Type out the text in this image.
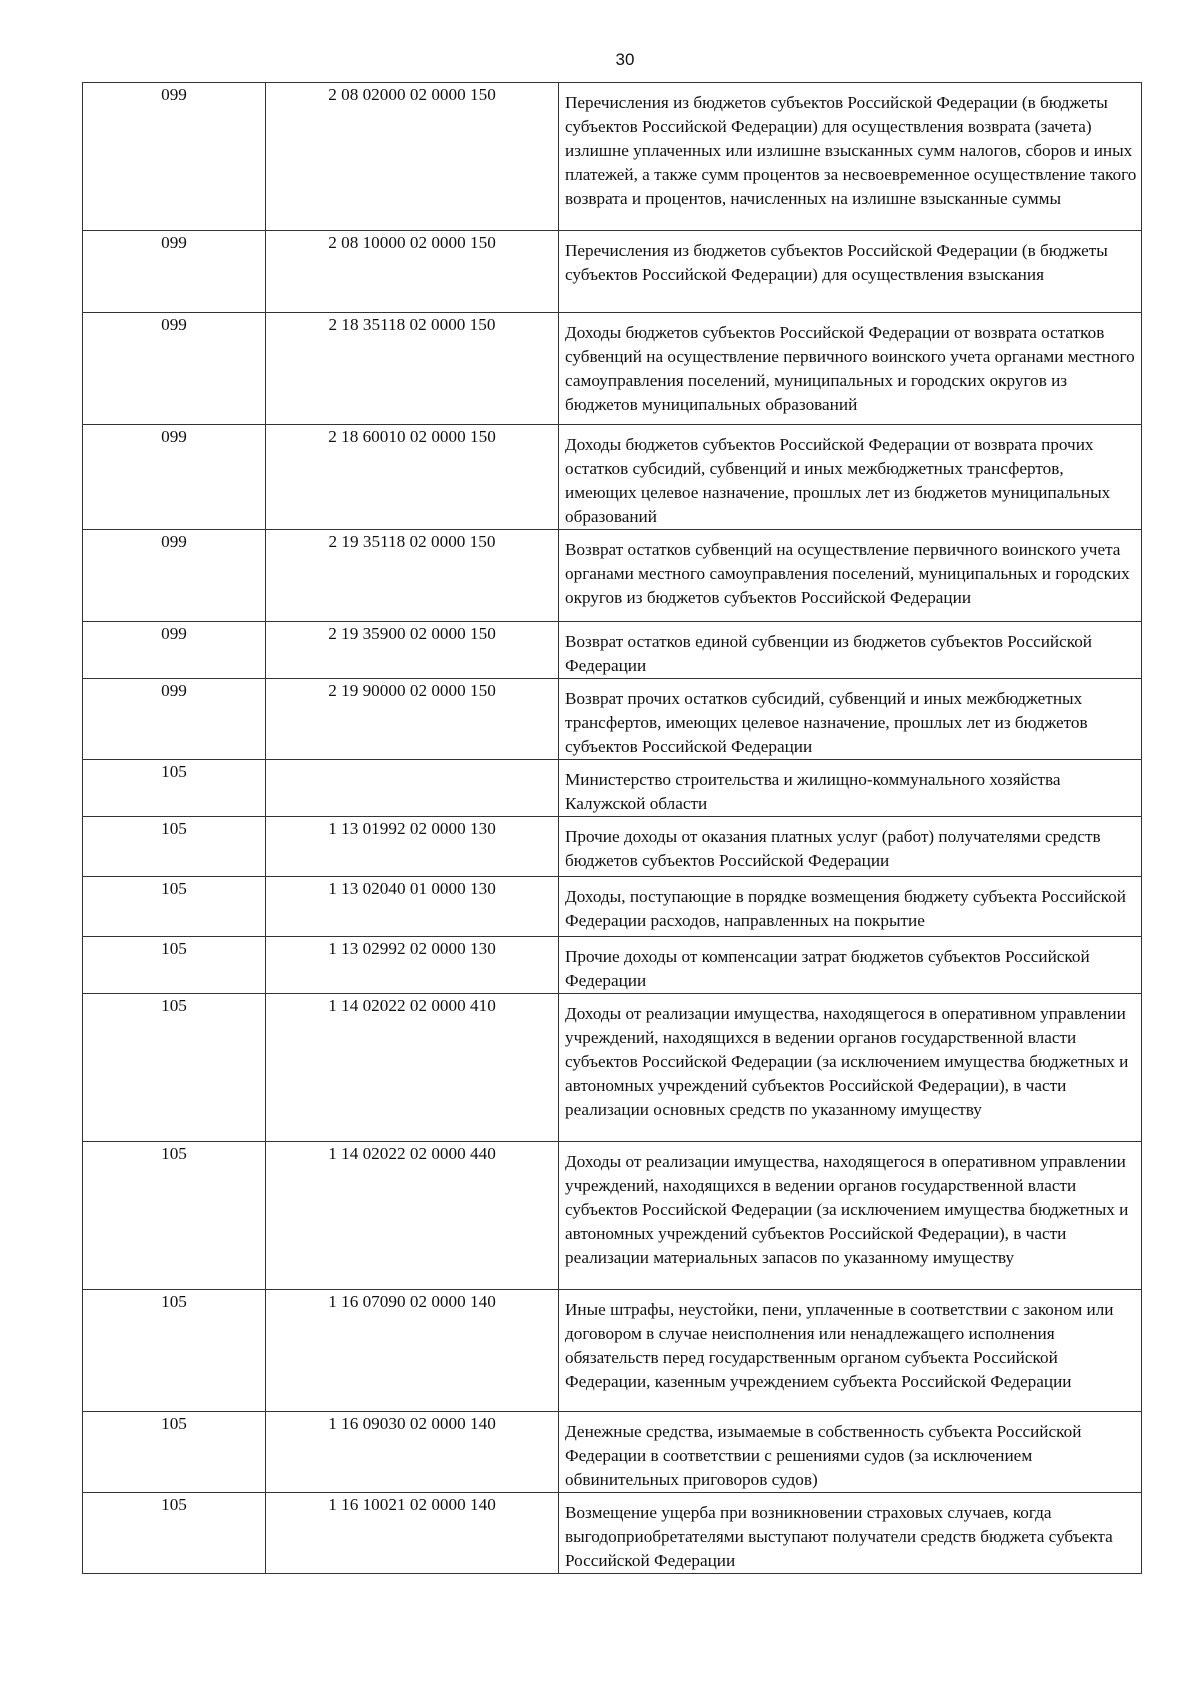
30
099	2 08 02000 02 0000 150	Перечисления из бюджетов субъектов Российской Федерации (в бюджеты субъектов Российской Федерации) для осуществления возврата (зачета) излишне уплаченных или излишне взысканных сумм налогов, сборов и иных платежей, а также сумм процентов за несвоевременное осуществление такого возврата и процентов, начисленных на излишне взысканные суммы
099	2 08 10000 02 0000 150	Перечисления из бюджетов субъектов Российской Федерации (в бюджеты субъектов Российской Федерации) для осуществления взыскания
099	2 18 35118 02 0000 150	Доходы бюджетов субъектов Российской Федерации от возврата остатков субвенций на осуществление первичного воинского учета органами местного самоуправления поселений, муниципальных и городских округов из бюджетов муниципальных образований
099	2 18 60010 02 0000 150	Доходы бюджетов субъектов Российской Федерации от возврата прочих остатков субсидий, субвенций и иных межбюджетных трансфертов, имеющих целевое назначение, прошлых лет из бюджетов муниципальных образований
099	2 19 35118 02 0000 150	Возврат остатков субвенций на осуществление первичного воинского учета органами местного самоуправления поселений, муниципальных и городских округов из бюджетов субъектов Российской Федерации
099	2 19 35900 02 0000 150	Возврат остатков единой субвенции из бюджетов субъектов Российской Федерации
099	2 19 90000 02 0000 150	Возврат прочих остатков субсидий, субвенций и иных межбюджетных трансфертов, имеющих целевое назначение, прошлых лет из бюджетов субъектов Российской Федерации
105		Министерство строительства и жилищно-коммунального хозяйства Калужской области
105	1 13 01992 02 0000 130	Прочие доходы от оказания платных услуг (работ) получателями средств бюджетов субъектов Российской Федерации
105	1 13 02040 01 0000 130	Доходы, поступающие в порядке возмещения бюджету субъекта Российской Федерации расходов, направленных на покрытие
105	1 13 02992 02 0000 130	Прочие доходы от компенсации затрат бюджетов субъектов Российской Федерации
105	1 14 02022 02 0000 410	Доходы от реализации имущества, находящегося в оперативном управлении учреждений, находящихся в ведении органов государственной власти субъектов Российской Федерации (за исключением имущества бюджетных и автономных учреждений субъектов Российской Федерации), в части реализации основных средств по указанному имуществу
105	1 14 02022 02 0000 440	Доходы от реализации имущества, находящегося в оперативном управлении учреждений, находящихся в ведении органов государственной власти субъектов Российской Федерации (за исключением имущества бюджетных и автономных учреждений субъектов Российской Федерации), в части реализации материальных запасов по указанному имуществу
105	1 16 07090 02 0000 140	Иные штрафы, неустойки, пени, уплаченные в соответствии с законом или договором в случае неисполнения или ненадлежащего исполнения обязательств перед государственным органом субъекта Российской Федерации, казенным учреждением субъекта Российской Федерации
105	1 16 09030 02 0000 140	Денежные средства, изымаемые в собственность субъекта Российской Федерации в соответствии с решениями судов (за исключением обвинительных приговоров судов)
105	1 16 10021 02 0000 140	Возмещение ущерба при возникновении страховых случаев, когда выгодоприобретателями выступают получатели средств бюджета субъекта Российской Федерации
